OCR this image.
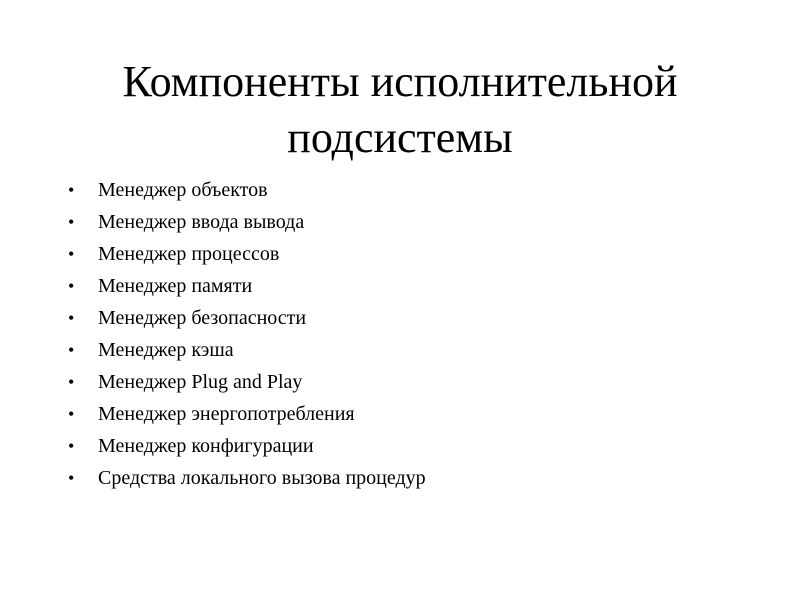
Компоненты исполнительной подсистемы
•	Менеджер объектов
•	Менеджер ввода вывода
•	Менеджер процессов
•	Менеджер памяти
•	Менеджер безопасности
•	Менеджер кэша
•	Менеджер Plug and Play
•	Менеджер энергопотребления
•	Менеджер конфигурации
•	Средства локального вызова процедур
